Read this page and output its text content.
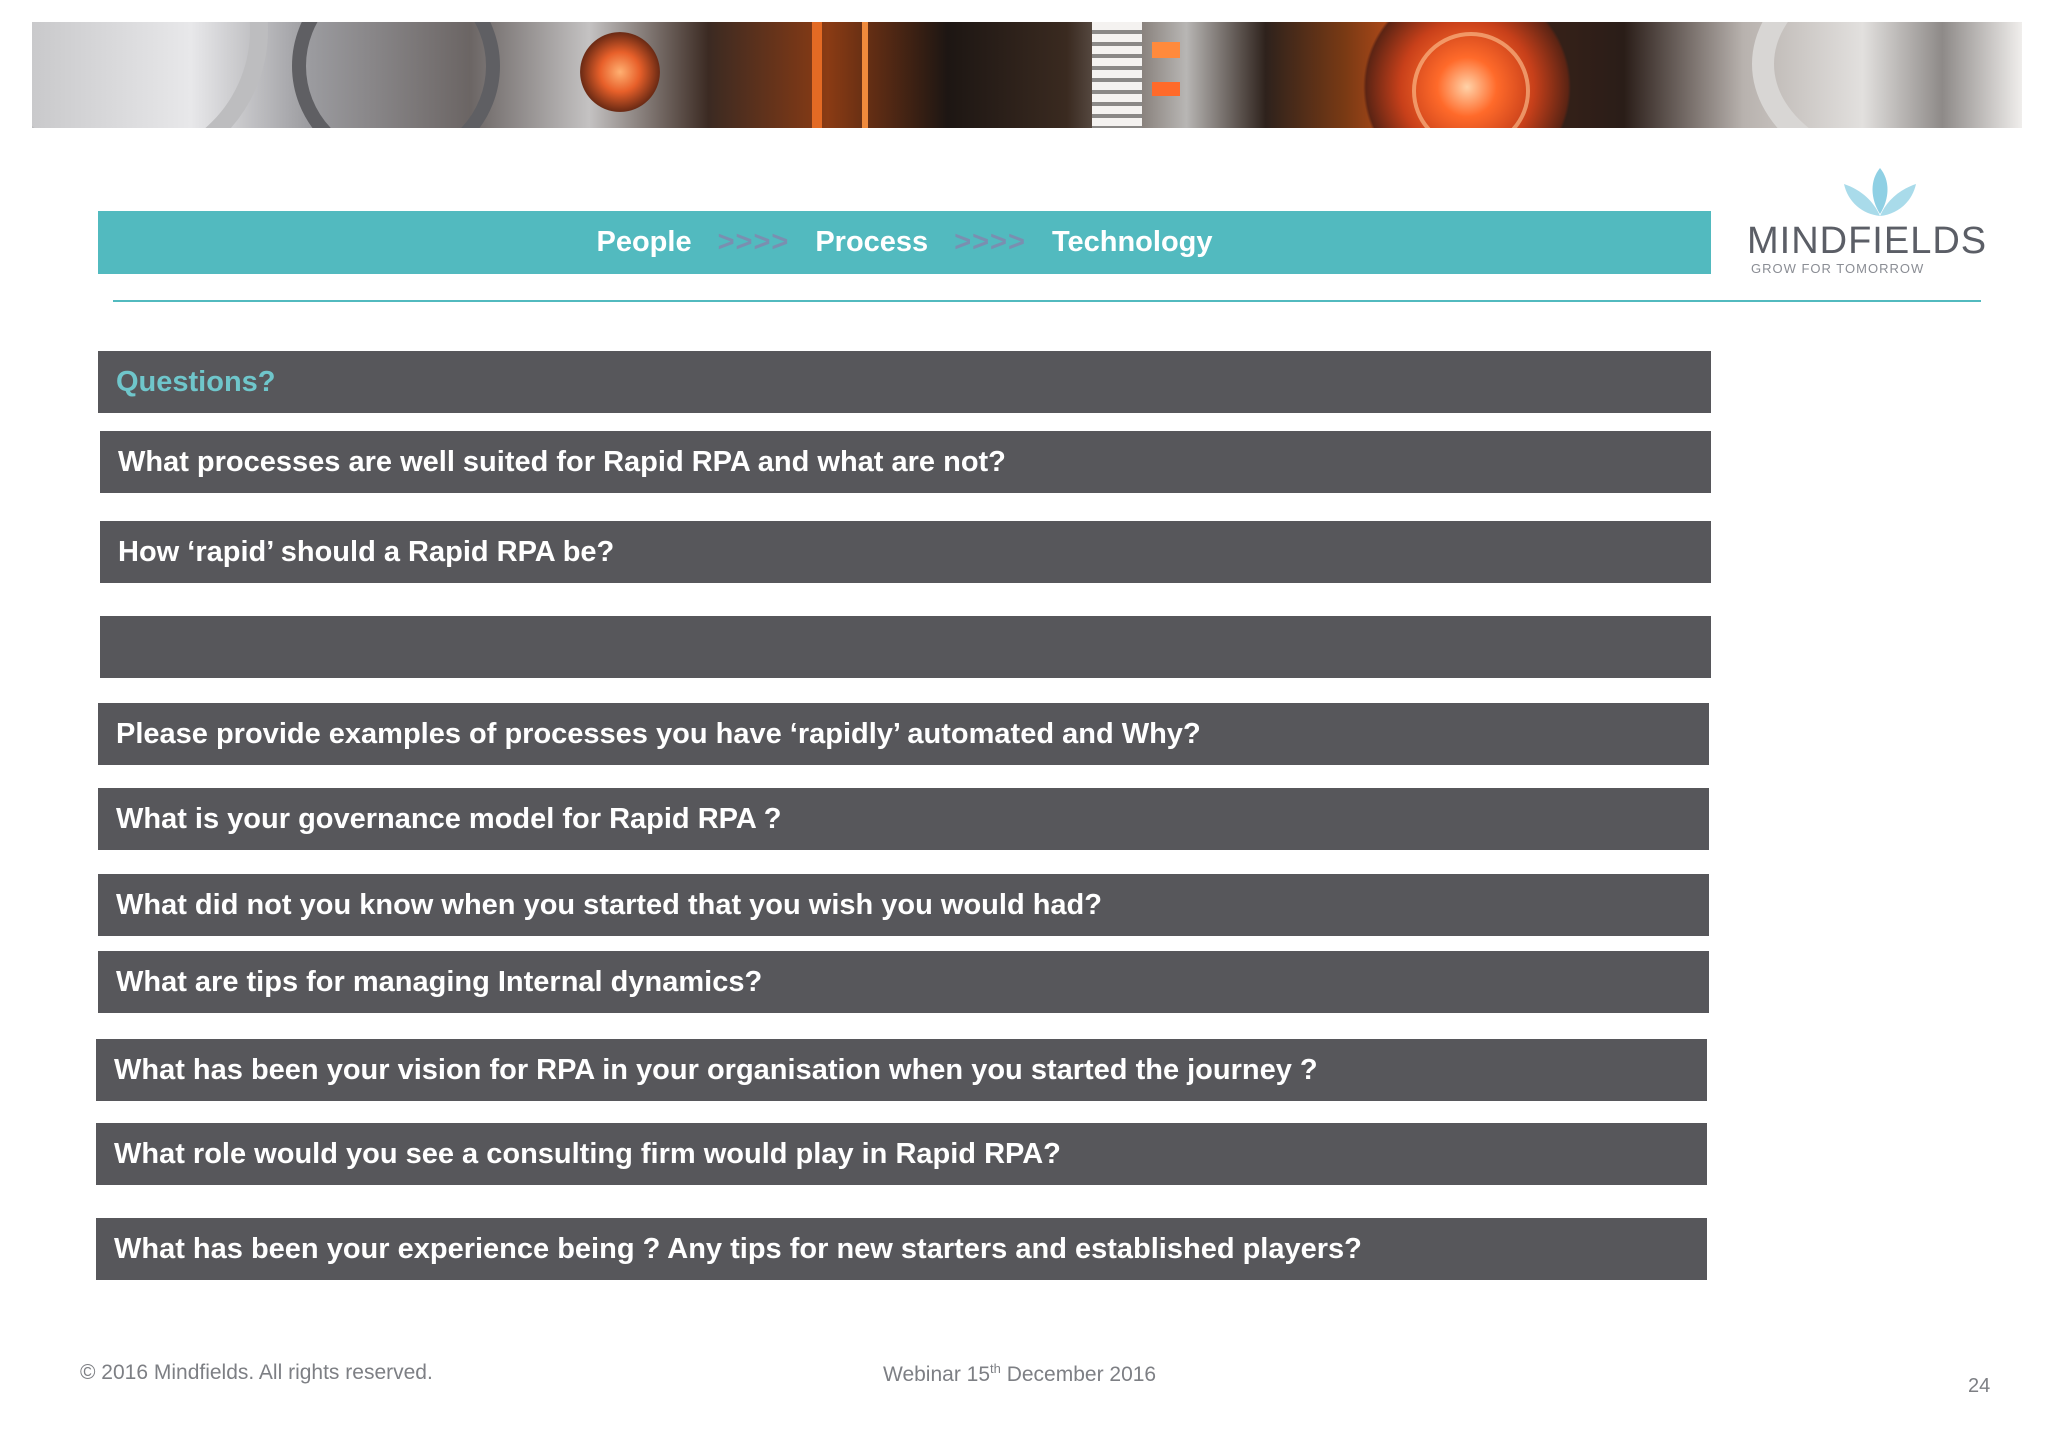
People >>>> Process >>>> Technology	MINDFIELDS
GROW FOR TOMORROW
Questions?
What processes are well suited for Rapid RPA and what are not?
How ‘rapid’ should a Rapid RPA be?
Please provide examples of processes you have ‘rapidly’ automated and Why?
What is your governance model for Rapid RPA ?
What did not you know when you started that you wish you would had?
What are tips for managing Internal dynamics?
What has been your vision for RPA in your organisation when you started the journey ?
What role would you see a consulting firm would play in Rapid RPA?
What has been your experience being ? Any tips for new starters and established players?
© 2016 Mindfields. All rights reserved.	Webinar 15th December 2016	24
